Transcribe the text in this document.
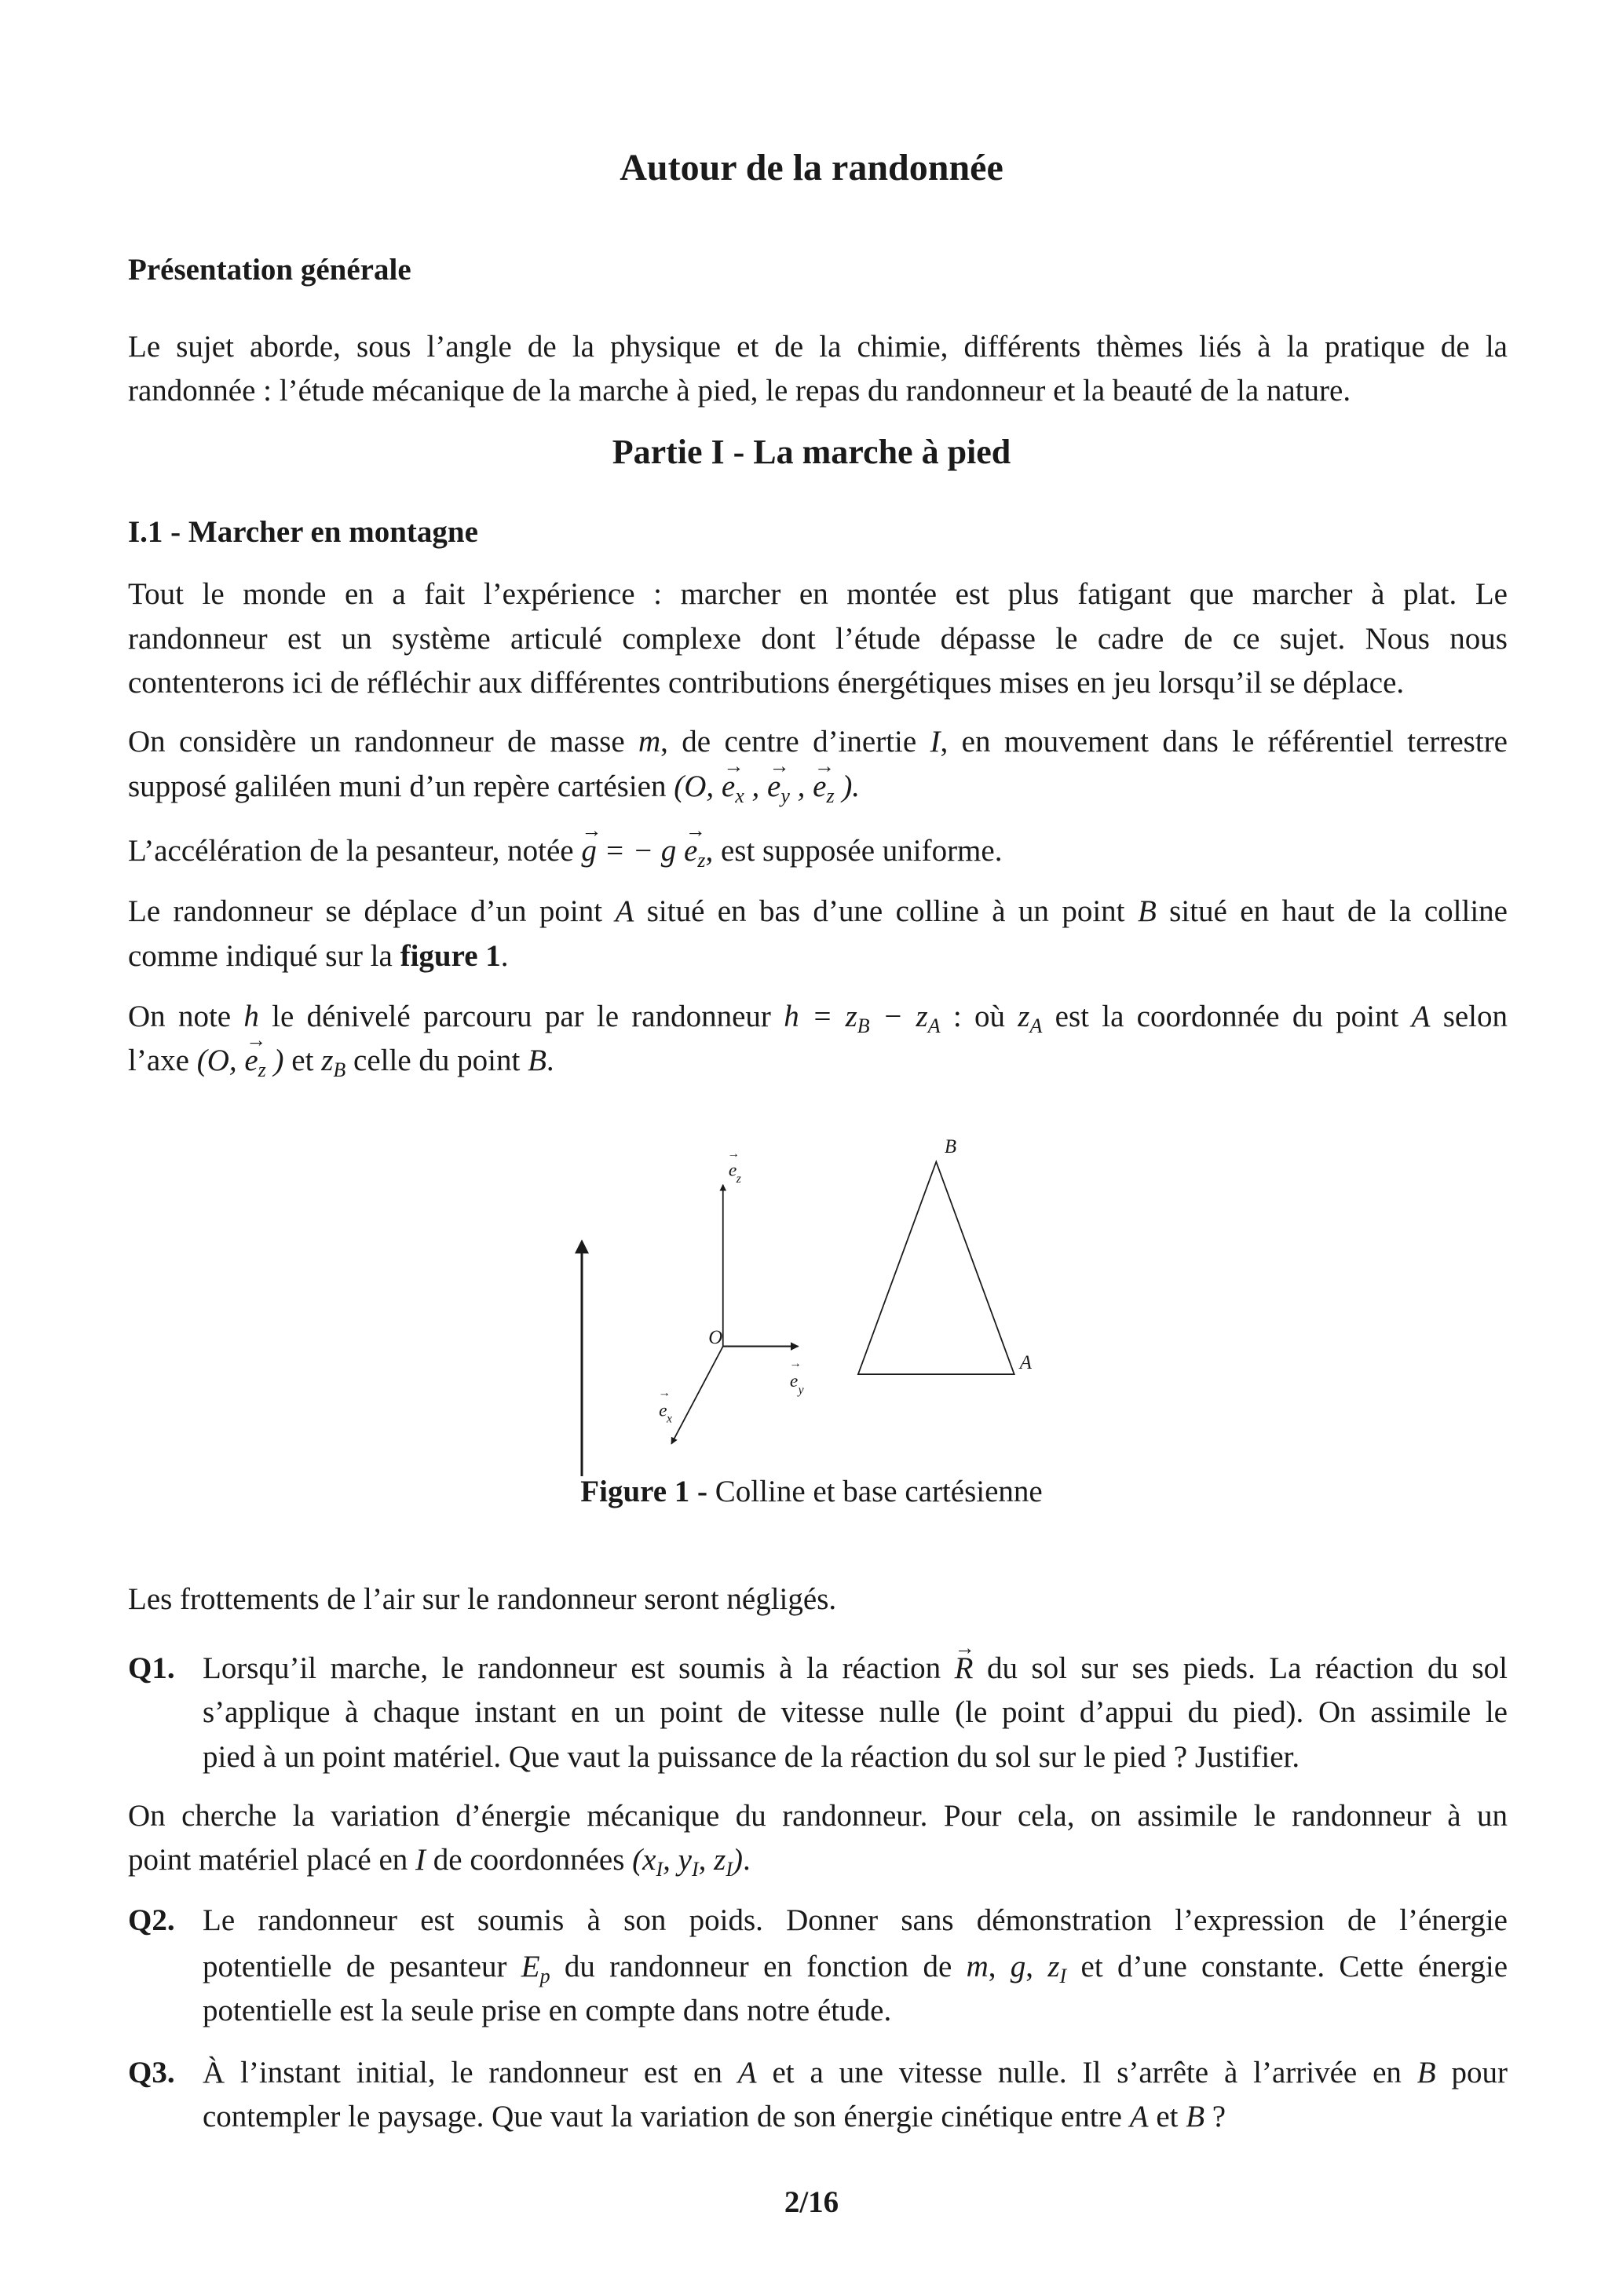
Autour de la randonnée
Présentation générale
Le sujet aborde, sous l’angle de la physique et de la chimie, différents thèmes liés à la pratique de la
randonnée : l’étude mécanique de la marche à pied, le repas du randonneur et la beauté de la nature.
Partie I - La marche à pied
I.1 - Marcher en montagne
Tout le monde en a fait l’expérience : marcher en montée est plus fatigant que marcher à plat. Le
randonneur est un système articulé complexe dont l’étude dépasse le cadre de ce sujet. Nous nous
contenterons ici de réfléchir aux différentes contributions énergétiques mises en jeu lorsqu’il se déplace.
On considère un randonneur de masse m, de centre d’inertie I, en mouvement dans le référentiel terrestre
supposé galiléen muni d’un repère cartésien (O, → $e_x$ , → $e_y$ , → $e_z$ ).
L’accélération de la pesanteur, notée → g = − $g \to e_z$, est supposée uniforme.
Le randonneur se déplace d’un point A situé en bas d’une colline à un point B situé en haut de la colline
comme indiqué sur la figure 1.
On note h le dénivelé parcouru par le randonneur $h = z_B - z_A$ : où $z_A$ est la coordonnée du point A selon
l’axe (O, → $e_z$ ) et $z_B$ celle du point B.
e z
→
e y
→
e x
→
O
B
A
Figure 1 - Colline et base cartésienne
Les frottements de l’air sur le randonneur seront négligés.
Q1. Lorsqu’il marche, le randonneur est soumis à la réaction → R du sol sur ses pieds. La réaction du sol
s’applique à chaque instant en un point de vitesse nulle (le point d’appui du pied). On assimile le
pied à un point matériel. Que vaut la puissance de la réaction du sol sur le pied ? Justifier.
On cherche la variation d’énergie mécanique du randonneur. Pour cela, on assimile le randonneur à un
point matériel placé en I de coordonnées ($x_I$, $y_I$, $z_I$).
Q2. Le randonneur est soumis à son poids. Donner sans démonstration l’expression de l’énergie
potentielle de pesanteur $E_p$ du randonneur en fonction de m, g, $z_I$ et d’une constante. Cette énergie
potentielle est la seule prise en compte dans notre étude.
Q3. À l’instant initial, le randonneur est en A et a une vitesse nulle. Il s’arrête à l’arrivée en B pour
contempler le paysage. Que vaut la variation de son énergie cinétique entre A et B ?
2/16
